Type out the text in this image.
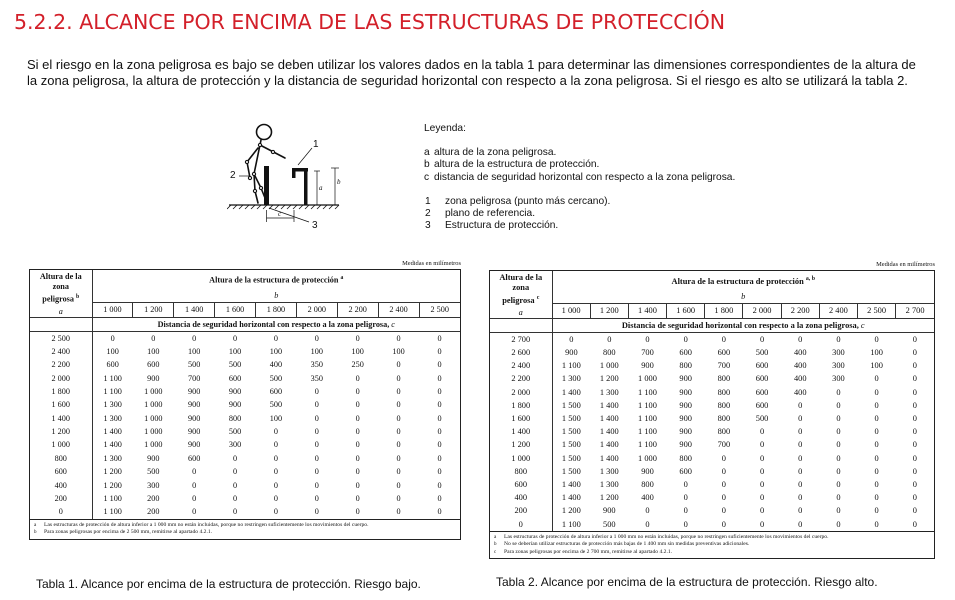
5.2.2. ALCANCE POR ENCIMA DE LAS ESTRUCTURAS DE PROTECCIÓN

Si el riesgo en la zona peligrosa es bajo se deben utilizar los valores dados en la tabla 1 para determinar las dimensiones correspondientes de la altura de la zona peligrosa, la altura de protección y la distancia de seguridad horizontal con respecto a la zona peligrosa. Si el riesgo es alto se utilizará la tabla 2.

1
2
3
a
b
c
Leyenda:
a altura de la zona peligrosa.
b altura de la estructura de protección.
c distancia de seguridad horizontal con respecto a la zona peligrosa.
1	zona peligrosa (punto más cercano).
2	plano de referencia.
3	Estructura de protección.
Medidas en milímetros
Altura de la
zona
peligrosa $^b$
a	Altura de la estructura de protección $^a$
	b								
	1 000	1 200	1 400	1 600	1 800	2 000	2 200	2 400	2 500
	Distancia de seguridad horizontal con respecto a la zona peligrosa, c								
2 500	0	0	0	0	0	0	0	0	0
2 400	100	100	100	100	100	100	100	100	0
2 200	600	600	500	500	400	350	250	0	0
2 000	1 100	900	700	600	500	350	0	0	0
1 800	1 100	1 000	900	900	600	0	0	0	0
1 600	1 300	1 000	900	900	500	0	0	0	0
1 400	1 300	1 000	900	800	100	0	0	0	0
1 200	1 400	1 000	900	500	0	0	0	0	0
1 000	1 400	1 000	900	300	0	0	0	0	0
800	1 300	900	600	0	0	0	0	0	0
600	1 200	500	0	0	0	0	0	0	0
400	1 200	300	0	0	0	0	0	0	0
200	1 100	200	0	0	0	0	0	0	0
0	1 100	200	0	0	0	0	0	0	0
a	Las estructuras de protección de altura inferior a 1 000 mm no están incluidas, porque no restringen suficientemente los movimientos del cuerpo.
b	Para zonas peligrosas por encima de 2 500 mm, remitirse al apartado 4.2.1.
Tabla 1. Alcance por encima de la estructura de protección. Riesgo bajo.
Medidas en milímetros
Altura de la
zona
peligrosa $^c$
a	Altura de la estructura de protección $^{a, b}$
	b									
	1 000	1 200	1 400	1 600	1 800	2 000	2 200	2 400	2 500	2 700
	Distancia de seguridad horizontal con respecto a la zona peligrosa, c									
2 700	0	0	0	0	0	0	0	0	0	0
2 600	900	800	700	600	600	500	400	300	100	0
2 400	1 100	1 000	900	800	700	600	400	300	100	0
2 200	1 300	1 200	1 000	900	800	600	400	300	0	0
2 000	1 400	1 300	1 100	900	800	600	400	0	0	0
1 800	1 500	1 400	1 100	900	800	600	0	0	0	0
1 600	1 500	1 400	1 100	900	800	500	0	0	0	0
1 400	1 500	1 400	1 100	900	800	0	0	0	0	0
1 200	1 500	1 400	1 100	900	700	0	0	0	0	0
1 000	1 500	1 400	1 000	800	0	0	0	0	0	0
800	1 500	1 300	900	600	0	0	0	0	0	0
600	1 400	1 300	800	0	0	0	0	0	0	0
400	1 400	1 200	400	0	0	0	0	0	0	0
200	1 200	900	0	0	0	0	0	0	0	0
0	1 100	500	0	0	0	0	0	0	0	0
a	Las estructuras de protección de altura inferior a 1 000 mm no están incluidas, porque no restringen suficientemente los movimientos del cuerpo.
b	No se deberían utilizar estructuras de protección más bajas de 1 400 mm sin medidas preventivas adicionales.
c	Para zonas peligrosas por encima de 2 700 mm, remitirse al apartado 4.2.1.
Tabla 2. Alcance por encima de la estructura de protección. Riesgo alto.
